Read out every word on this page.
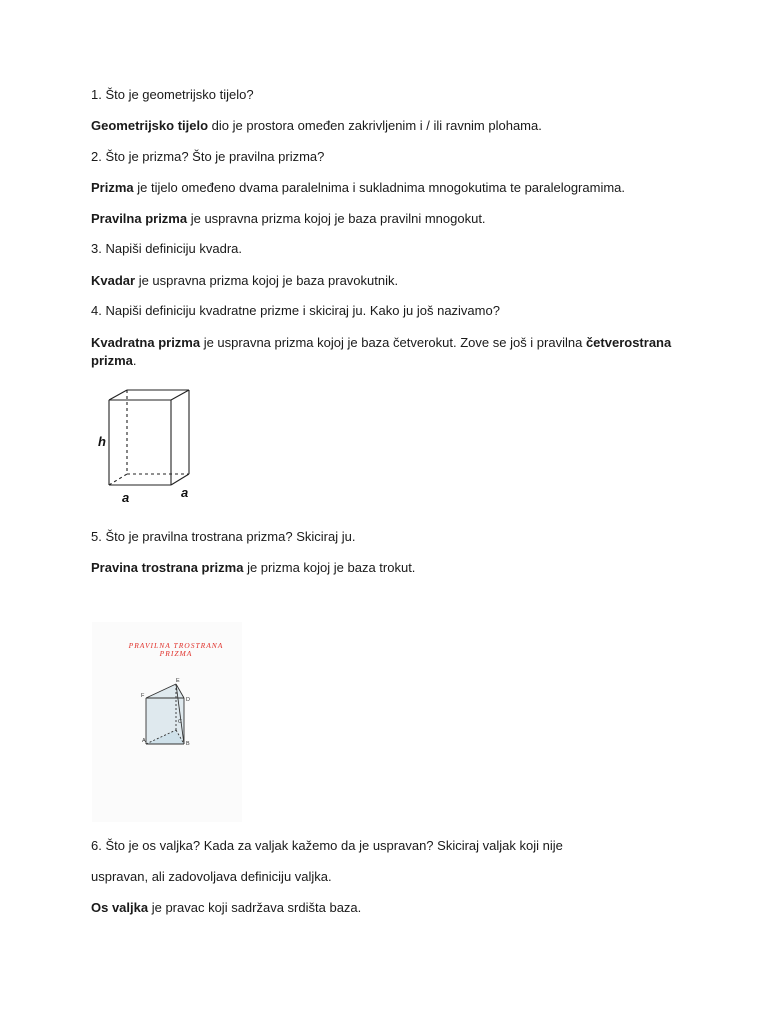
1. Što je geometrijsko tijelo?
Geometrijsko tijelo dio je prostora omeđen zakrivljenim i / ili ravnim plohama.
2. Što je prizma? Što je pravilna prizma?
Prizma je tijelo omeđeno dvama paralelnima i sukladnima mnogokutima te paralelogramima.
Pravilna prizma je uspravna prizma kojoj je baza pravilni mnogokut.
3. Napiši definiciju kvadra.
Kvadar je uspravna prizma kojoj je baza pravokutnik.
4. Napiši definiciju kvadratne prizme i skiciraj ju. Kako ju još nazivamo?
Kvadratna prizma je uspravna prizma kojoj je baza četverokut. Zove se još i pravilna četverostrana
prizma.
h
a	a
5. Što je pravilna trostrana prizma? Skiciraj ju.
Pravina trostrana prizma je prizma kojoj je baza trokut.
PRAVILNA TROSTRANA
PRIZMA
E
F
D
C
A	B
6. Što je os valjka? Kada za valjak kažemo da je uspravan? Skiciraj valjak koji nije
uspravan, ali zadovoljava definiciju valjka.
Os valjka je pravac koji sadržava srdišta baza.
